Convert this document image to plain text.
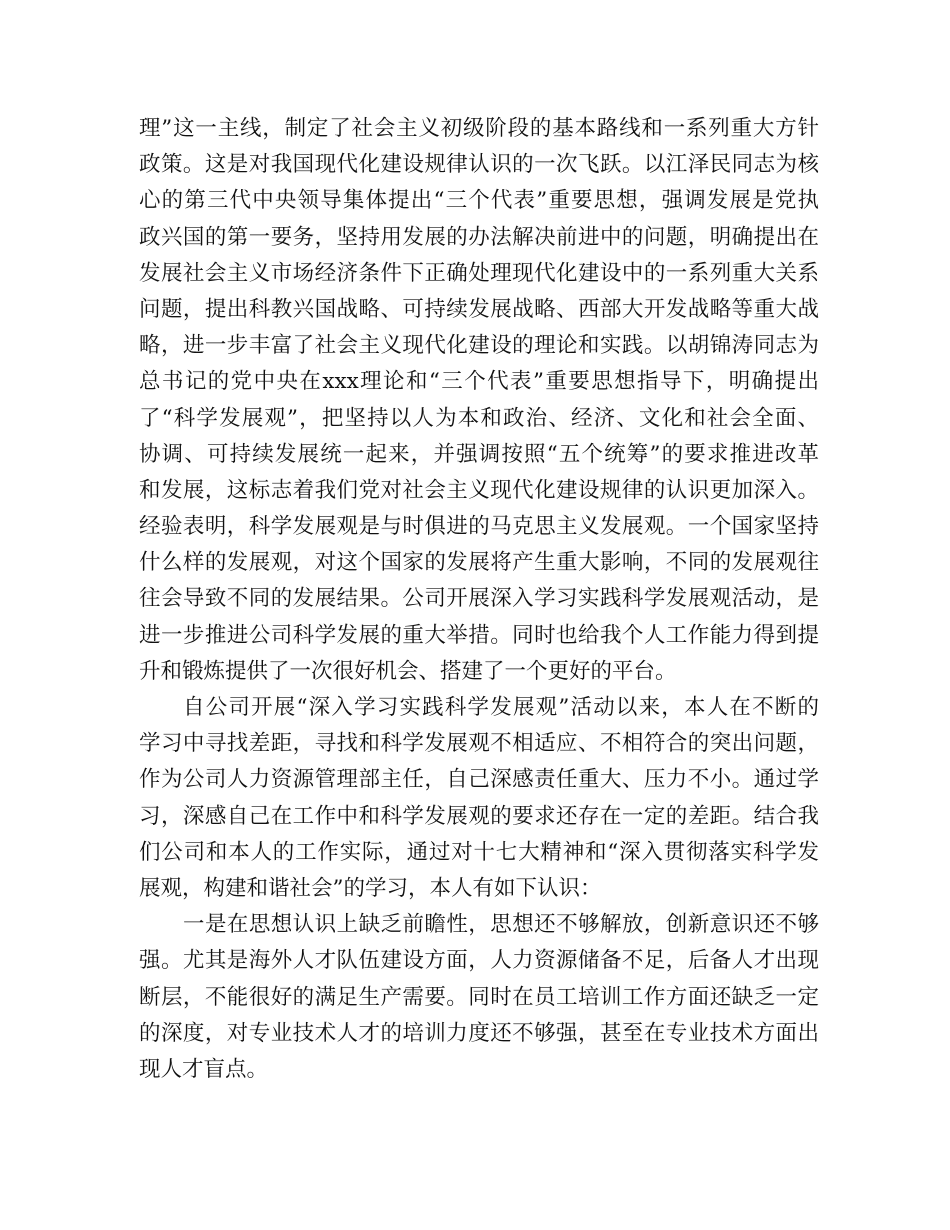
理”这一主线，制定了社会主义初级阶段的基本路线和一系列重大方针
政策。这是对我国现代化建设规律认识的一次飞跃。以江泽民同志为核
心的第三代中央领导集体提出“三个代表”重要思想，强调发展是党执
政兴国的第一要务，坚持用发展的办法解决前进中的问题，明确提出在
发展社会主义市场经济条件下正确处理现代化建设中的一系列重大关系
问题，提出科教兴国战略、可持续发展战略、西部大开发战略等重大战
略，进一步丰富了社会主义现代化建设的理论和实践。以胡锦涛同志为
总书记的党中央在xxx理论和“三个代表”重要思想指导下，明确提出
了“科学发展观”，把坚持以人为本和政治、经济、文化和社会全面、
协调、可持续发展统一起来，并强调按照“五个统筹”的要求推进改革
和发展，这标志着我们党对社会主义现代化建设规律的认识更加深入。
经验表明，科学发展观是与时俱进的马克思主义发展观。一个国家坚持
什么样的发展观，对这个国家的发展将产生重大影响，不同的发展观往
往会导致不同的发展结果。公司开展深入学习实践科学发展观活动，是
进一步推进公司科学发展的重大举措。同时也给我个人工作能力得到提
升和锻炼提供了一次很好机会、搭建了一个更好的平台。
自公司开展“深入学习实践科学发展观”活动以来，本人在不断的
学习中寻找差距，寻找和科学发展观不相适应、不相符合的突出问题，
作为公司人力资源管理部主任，自己深感责任重大、压力不小。通过学
习，深感自己在工作中和科学发展观的要求还存在一定的差距。结合我
们公司和本人的工作实际，通过对十七大精神和“深入贯彻落实科学发
展观，构建和谐社会”的学习，本人有如下认识：
一是在思想认识上缺乏前瞻性，思想还不够解放，创新意识还不够
强。尤其是海外人才队伍建设方面，人力资源储备不足，后备人才出现
断层，不能很好的满足生产需要。同时在员工培训工作方面还缺乏一定
的深度，对专业技术人才的培训力度还不够强，甚至在专业技术方面出
现人才盲点。
